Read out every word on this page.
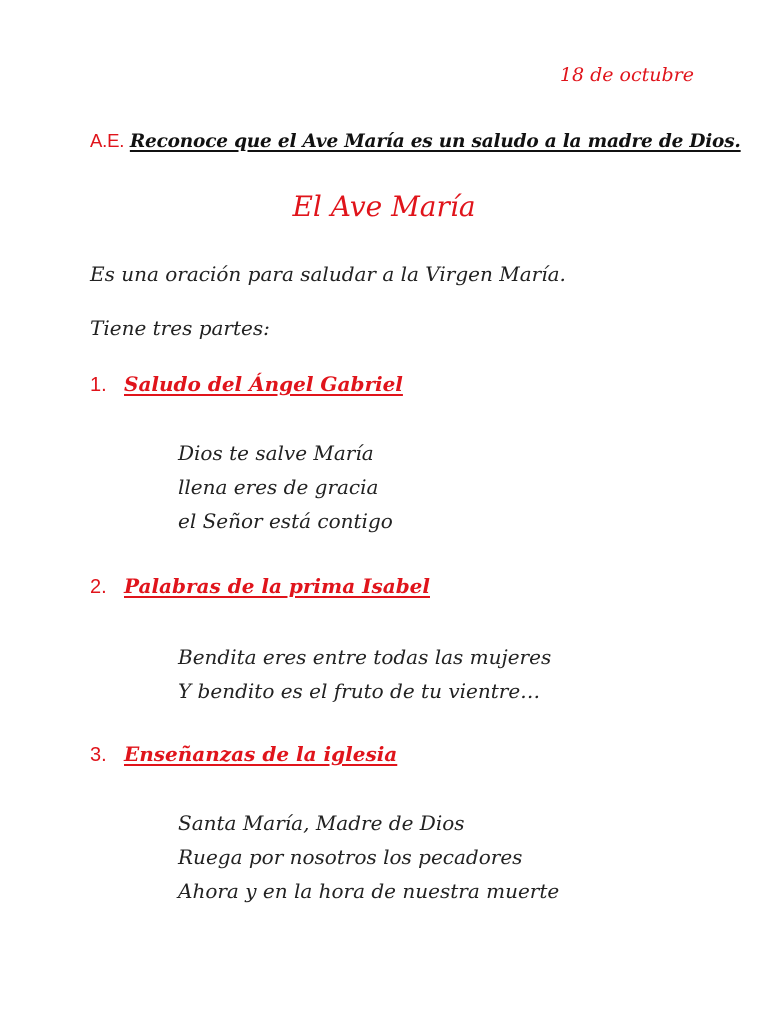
18 de octubre
A.E. Reconoce que el Ave María es un saludo a la madre de Dios.
El Ave María
Es una oración para saludar a la Virgen María.
Tiene tres partes:
1. Saludo del Ángel Gabriel
Dios te salve María
llena eres de gracia
el Señor está contigo
2. Palabras de la prima Isabel
Bendita eres entre todas las mujeres
Y bendito es el fruto de tu vientre…
3. Enseñanzas de la iglesia
Santa María, Madre de Dios
Ruega por nosotros los pecadores
Ahora y en la hora de nuestra muerte
